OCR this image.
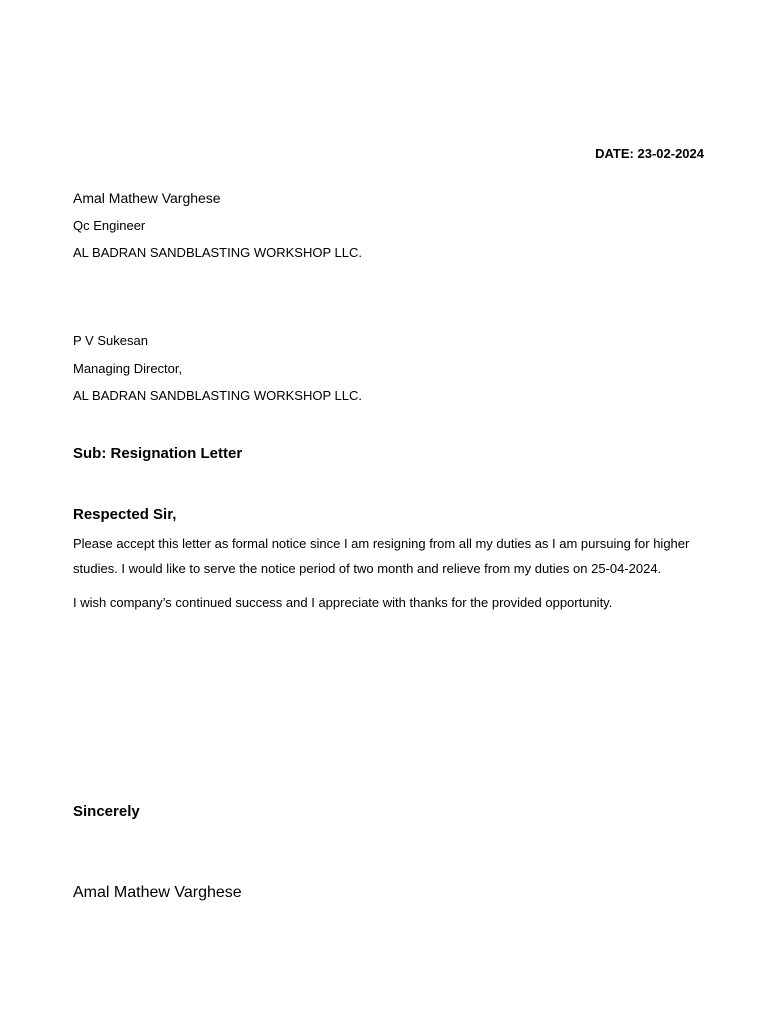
DATE: 23-02-2024

Amal Mathew Varghese

Qc Engineer

AL BADRAN SANDBLASTING WORKSHOP LLC.

P V Sukesan

Managing Director,

AL BADRAN SANDBLASTING WORKSHOP LLC.

Sub: Resignation Letter

Respected Sir,

Please accept this letter as formal notice since I am resigning from all my duties as I am pursuing for higher studies. I would like to serve the notice period of two month and relieve from my duties on 25-04-2024.

I wish company’s continued success and I appreciate with thanks for the provided opportunity.

Sincerely

Amal Mathew Varghese
